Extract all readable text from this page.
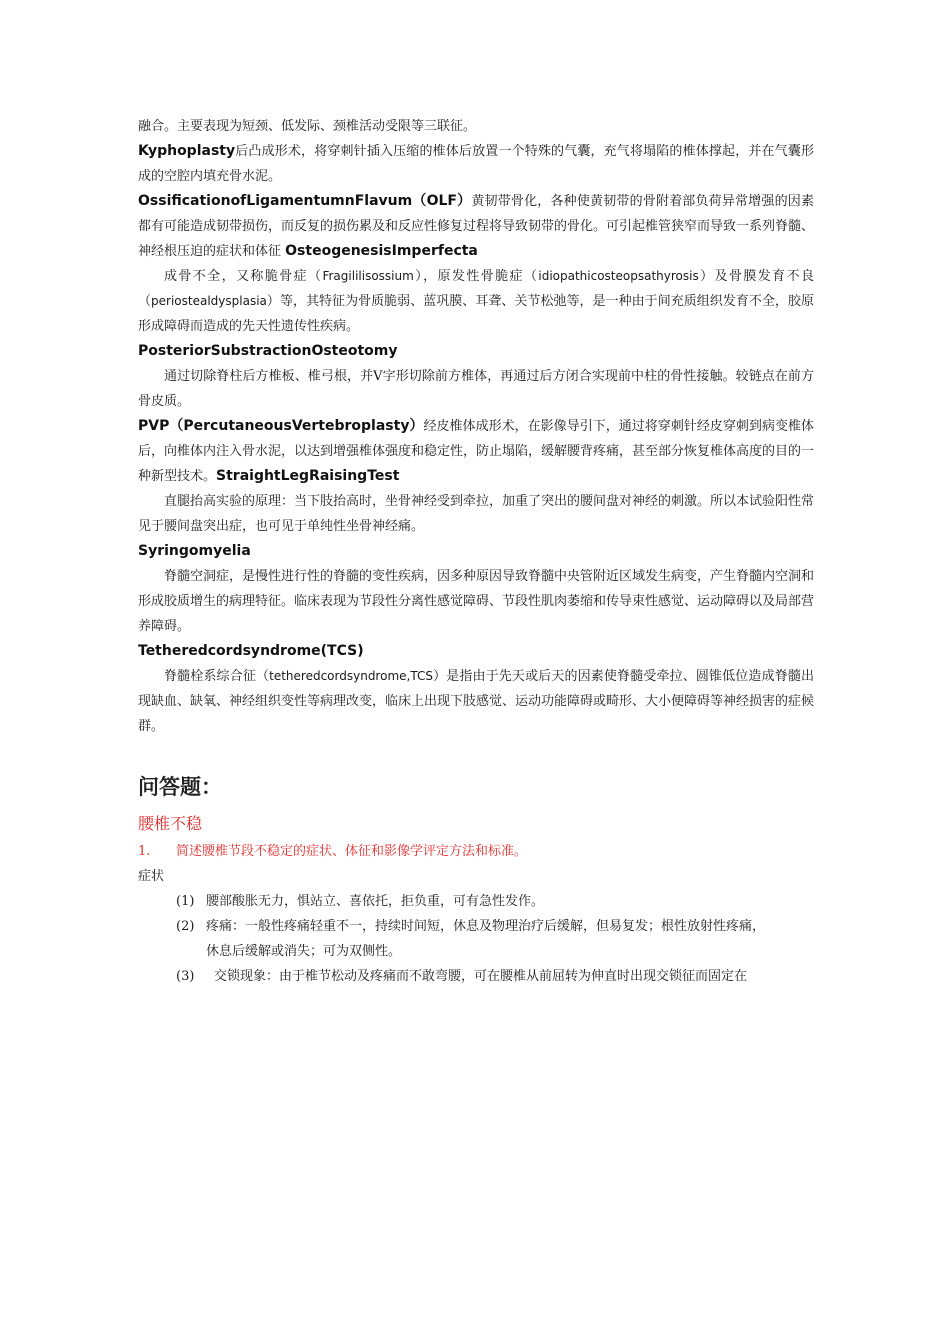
融合。主要表现为短颈、低发际、颈椎活动受限等三联征。

Kyphoplasty后凸成形术，将穿刺针插入压缩的椎体后放置一个特殊的气囊，充气将塌陷的椎体撑起，并在气囊形成的空腔内填充骨水泥。

OssificationofLigamentumnFlavum（OLF）黄韧带骨化，各种使黄韧带的骨附着部负荷异常增强的因素都有可能造成韧带损伤，而反复的损伤累及和反应性修复过程将导致韧带的骨化。可引起椎管狭窄而导致一系列脊髓、神经根压迫的症状和体征 OsteogenesisImperfecta

成骨不全，又称脆骨症（Fragililisossium），原发性骨脆症（idiopathicosteopsathyrosis）及骨膜发育不良（periostealdysplasia）等，其特征为骨质脆弱、蓝巩膜、耳聋、关节松弛等，是一种由于间充质组织发育不全，胶原形成障碍而造成的先天性遗传性疾病。

PosteriorSubstractionOsteotomy

通过切除脊柱后方椎板、椎弓根，并V字形切除前方椎体，再通过后方闭合实现前中柱的骨性接触。较链点在前方骨皮质。

PVP（PercutaneousVertebroplasty）经皮椎体成形术，在影像导引下，通过将穿刺针经皮穿刺到病变椎体后，向椎体内注入骨水泥，以达到增强椎体强度和稳定性，防止塌陷，缓解腰背疼痛，甚至部分恢复椎体高度的目的一种新型技术。StraightLegRaisingTest

直腿抬高实验的原理：当下肢抬高时，坐骨神经受到牵拉，加重了突出的腰间盘对神经的刺激。所以本试验阳性常见于腰间盘突出症，也可见于单纯性坐骨神经痛。

Syringomyelia

脊髓空洞症，是慢性进行性的脊髓的变性疾病，因多种原因导致脊髓中央管附近区域发生病变，产生脊髓内空洞和形成胶质增生的病理特征。临床表现为节段性分离性感觉障碍、节段性肌肉萎缩和传导束性感觉、运动障碍以及局部营养障碍。

Tetheredcordsyndrome(TCS)

脊髓栓系综合征（tetheredcordsyndrome,TCS）是指由于先天或后天的因素使脊髓受牵拉、圆锥低位造成脊髓出现缺血、缺氧、神经组织变性等病理改变，临床上出现下肢感觉、运动功能障碍或畸形、大小便障碍等神经损害的症候群。

问答题：
腰椎不稳
1.	简述腰椎节段不稳定的症状、体征和影像学评定方法和标准。
症状
(1) 腰部酸胀无力，惧站立、喜依托，拒负重，可有急性发作。
(2) 疼痛：一般性疼痛轻重不一，持续时间短，休息及物理治疗后缓解，但易复发；根性放射性疼痛，
休息后缓解或消失；可为双侧性。
(3)	交锁现象：由于椎节松动及疼痛而不敢弯腰，可在腰椎从前屈转为伸直时出现交锁征而固定在
